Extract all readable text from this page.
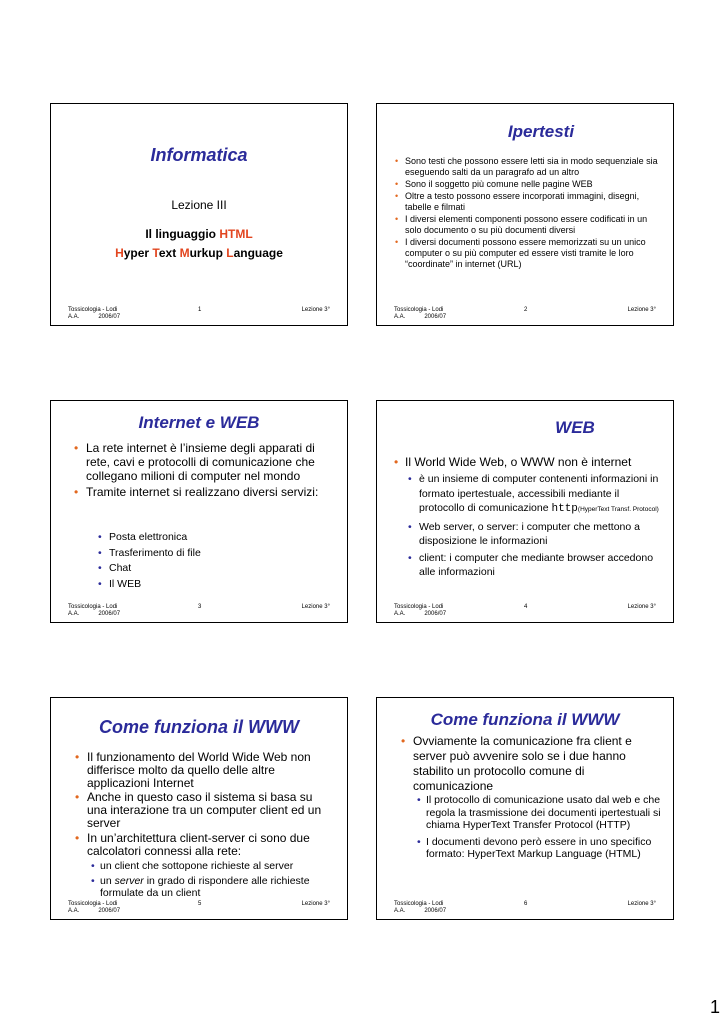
Informatica
Lezione III
Il linguaggio HTML
Hyper Text Murkup Language
Tossicologia - Lodi
A.A.	2006/07
1	Lezione 3°
Ipertesti
• Sono testi che possono essere letti sia in modo sequenziale sia eseguendo salti da un paragrafo ad un altro
• Sono il soggetto più comune nelle pagine WEB
• Oltre a testo possono essere incorporati immagini, disegni, tabelle e filmati
• I diversi elementi componenti possono essere codificati in un solo documento o su più documenti diversi
• I diversi documenti possono essere memorizzati su un unico computer o su più computer ed essere visti tramite le loro “coordinate” in internet (URL)
Tossicologia - Lodi
A.A.	2006/07
2	Lezione 3°
Internet e WEB
• La rete internet è l’insieme degli apparati di rete, cavi e protocolli di comunicazione che collegano milioni di computer nel mondo
• Tramite internet si realizzano diversi servizi:
• Posta elettronica
• Trasferimento di file
• Chat
• Il WEB
Tossicologia - Lodi
A.A.	2006/07
3	Lezione 3°
WEB
• Il World Wide Web, o WWW non è internet
• è un insieme di computer contenenti informazioni in formato ipertestuale, accessibili mediante il protocollo di comunicazione http(HyperText Transf. Protocol)
• Web server, o server: i computer che mettono a disposizione le informazioni
• client: i computer che mediante browser accedono alle informazioni
Tossicologia - Lodi
A.A.	2006/07
4	Lezione 3°
Come funziona il WWW
• Il funzionamento del World Wide Web non differisce molto da quello delle altre applicazioni Internet
• Anche in questo caso il sistema si basa su una interazione tra un computer client ed un server
• In un’architettura client-server ci sono due calcolatori connessi alla rete:
• un client che sottopone richieste al server
• un server in grado di rispondere alle richieste formulate da un client
Tossicologia - Lodi
A.A.	2006/07
5	Lezione 3°
Come funziona il WWW
• Ovviamente la comunicazione fra client e server può avvenire solo se i due hanno stabilito un protocollo comune di comunicazione
• Il protocollo di comunicazione usato dal web e che regola la trasmissione dei documenti ipertestuali si chiama HyperText Transfer Protocol (HTTP)
• I documenti devono però essere in uno specifico formato: HyperText Markup Language (HTML)
Tossicologia - Lodi
A.A.	2006/07
6	Lezione 3°
1
